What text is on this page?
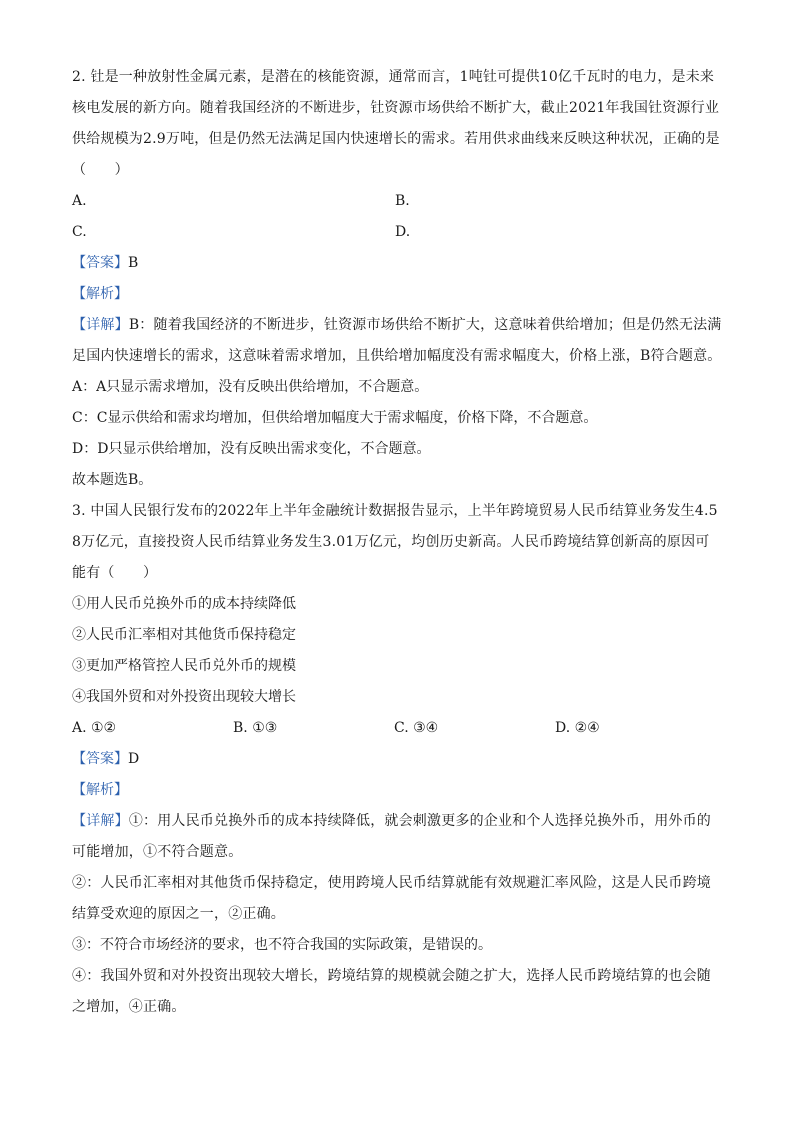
2. 钍是一种放射性金属元素，是潜在的核能资源，通常而言，1吨钍可提供10亿千瓦时的电力，是未来核电发展的新方向。随着我国经济的不断进步，钍资源市场供给不断扩大，截止2021年我国钍资源行业供给规模为2.9万吨，但是仍然无法满足国内快速增长的需求。若用供求曲线来反映这种状况，正确的是（　　）

A.	B.
C.	D.

【答案】B

【解析】

【详解】B：随着我国经济的不断进步，钍资源市场供给不断扩大，这意味着供给增加；但是仍然无法满足国内快速增长的需求，这意味着需求增加，且供给增加幅度没有需求幅度大，价格上涨，B符合题意。

A：A只显示需求增加，没有反映出供给增加，不合题意。

C：C显示供给和需求均增加，但供给增加幅度大于需求幅度，价格下降，不合题意。

D：D只显示供给增加，没有反映出需求变化，不合题意。

故本题选B。

3. 中国人民银行发布的2022年上半年金融统计数据报告显示，上半年跨境贸易人民币结算业务发生4.58万亿元，直接投资人民币结算业务发生3.01万亿元，均创历史新高。人民币跨境结算创新高的原因可能有（　　）

①用人民币兑换外币的成本持续降低

②人民币汇率相对其他货币保持稳定

③更加严格管控人民币兑外币的规模

④我国外贸和对外投资出现较大增长

A. ①②	B. ①③	C. ③④	D. ②④

【答案】D

【解析】

【详解】①：用人民币兑换外币的成本持续降低，就会刺激更多的企业和个人选择兑换外币，用外币的可能增加，①不符合题意。

②：人民币汇率相对其他货币保持稳定，使用跨境人民币结算就能有效规避汇率风险，这是人民币跨境结算受欢迎的原因之一，②正确。

③：不符合市场经济的要求，也不符合我国的实际政策，是错误的。

④：我国外贸和对外投资出现较大增长，跨境结算的规模就会随之扩大，选择人民币跨境结算的也会随之增加，④正确。
